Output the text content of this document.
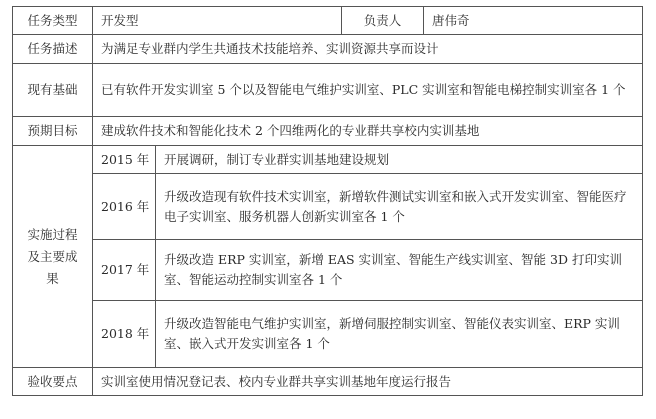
任务类型	开发型		负责人	唐伟奇
任务描述	为满足专业群内学生共通技术技能培养、实训资源共享而设计			
现有基础	已有软件开发实训室 5 个以及智能电气维护实训室、PLC 实训室和智能电梯控制实训室各 1 个			
预期目标	建成软件技术和智能化技术 2 个四维两化的专业群共享校内实训基地			

实施过程
及主要成
果	2015 年	开展调研，制订专业群实训基地建设规划		
	2016 年	升级改造现有软件技术实训室，新增软件测试实训室和嵌入式开发实训室、智能医疗电子实训室、服务机器人创新实训室各 1 个		
	2017 年	升级改造 ERP 实训室，新增 EAS 实训室、智能生产线实训室、智能 3D 打印实训室、智能运动控制实训室各 1 个		
	2018 年	升级改造智能电气维护实训室，新增伺服控制实训室、智能仪表实训室、ERP 实训室、嵌入式开发实训室各 1 个		
验收要点	实训室使用情况登记表、校内专业群共享实训基地年度运行报告			
